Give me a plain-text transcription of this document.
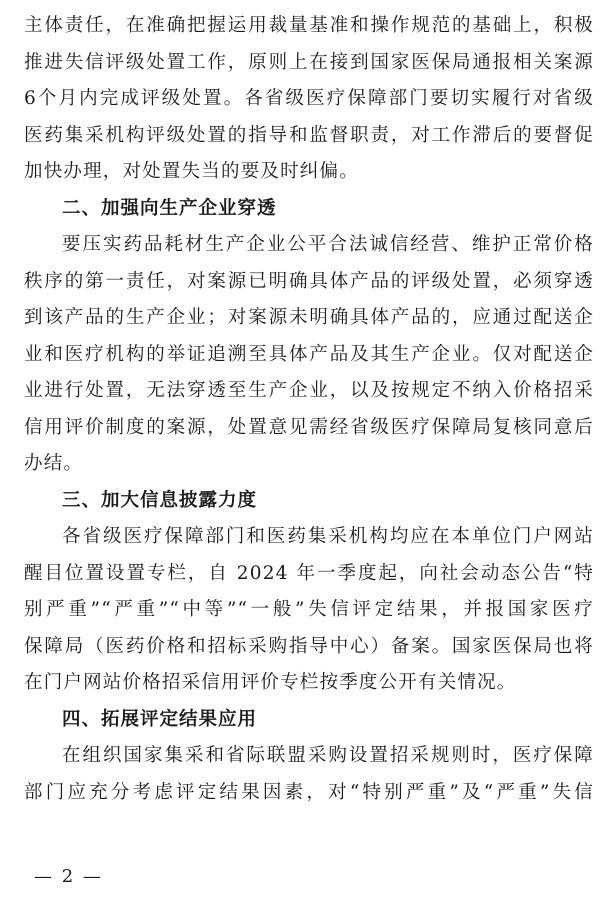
主体责任，在准确把握运用裁量基准和操作规范的基础上，积极
推进失信评级处置工作，原则上在接到国家医保局通报相关案源
6个月内完成评级处置。各省级医疗保障部门要切实履行对省级
医药集采机构评级处置的指导和监督职责，对工作滞后的要督促
加快办理，对处置失当的要及时纠偏。
二、加强向生产企业穿透
要压实药品耗材生产企业公平合法诚信经营、维护正常价格
秩序的第一责任，对案源已明确具体产品的评级处置，必须穿透
到该产品的生产企业；对案源未明确具体产品的，应通过配送企
业和医疗机构的举证追溯至具体产品及其生产企业。仅对配送企
业进行处置，无法穿透至生产企业，以及按规定不纳入价格招采
信用评价制度的案源，处置意见需经省级医疗保障局复核同意后
办结。
三、加大信息披露力度
各省级医疗保障部门和医药集采机构均应在本单位门户网站
醒目位置设置专栏，自 2024 年一季度起，向社会动态公告“特
别严重”“严重”“中等”“一般”失信评定结果，并报国家医疗
保障局（医药价格和招标采购指导中心）备案。国家医保局也将
在门户网站价格招采信用评价专栏按季度公开有关情况。
四、拓展评定结果应用
在组织国家集采和省际联盟采购设置招采规则时，医疗保障
部门应充分考虑评定结果因素，对“特别严重”及“严重”失信
— 2 —
